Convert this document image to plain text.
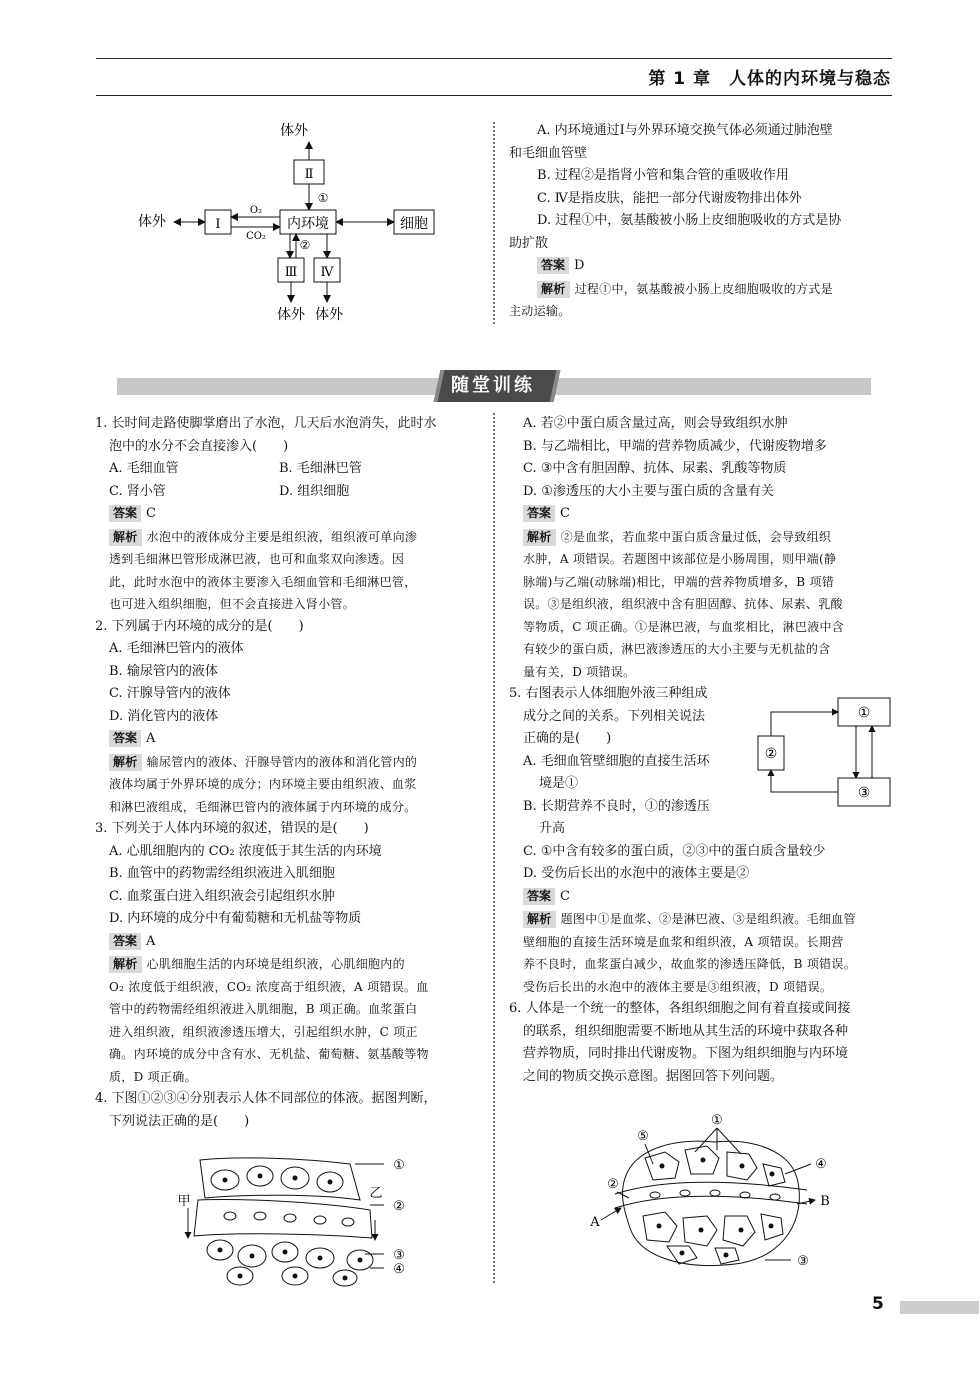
第 1 章　人体的内环境与稳态
体外
Ⅱ
①
体外	Ⅰ
O₂
CO₂
内环境	细胞
②
Ⅲ Ⅳ
体外 体外

A. 内环境通过Ⅰ与外界环境交换气体必须通过肺泡壁

和毛细血管壁

B. 过程②是指肾小管和集合管的重吸收作用

C. Ⅳ是指皮肤，能把一部分代谢废物排出体外

D. 过程①中，氨基酸被小肠上皮细胞吸收的方式是协

助扩散

答案 D

解析 过程①中，氨基酸被小肠上皮细胞吸收的方式是

主动运输。

随堂训练

1. 长时间走路使脚掌磨出了水泡，几天后水泡消失，此时水

泡中的水分不会直接渗入(　　)

A. 毛细血管	B. 毛细淋巴管

C. 肾小管	D. 组织细胞

答案 C

解析 水泡中的液体成分主要是组织液，组织液可单向渗

透到毛细淋巴管形成淋巴液，也可和血浆双向渗透。因

此，此时水泡中的液体主要渗入毛细血管和毛细淋巴管，

也可进入组织细胞，但不会直接进入肾小管。

2. 下列属于内环境的成分的是(　　)

A. 毛细淋巴管内的液体

B. 输尿管内的液体

C. 汗腺导管内的液体

D. 消化管内的液体

答案 A

解析 输尿管内的液体、汗腺导管内的液体和消化管内的

液体均属于外界环境的成分；内环境主要由组织液、血浆

和淋巴液组成，毛细淋巴管内的液体属于内环境的成分。

3. 下列关于人体内环境的叙述，错误的是(　　)

A. 心肌细胞内的 CO₂ 浓度低于其生活的内环境

B. 血管中的药物需经组织液进入肌细胞

C. 血浆蛋白进入组织液会引起组织水肿

D. 内环境的成分中有葡萄糖和无机盐等物质

答案 A

解析 心肌细胞生活的内环境是组织液，心肌细胞内的

O₂ 浓度低于组织液，CO₂ 浓度高于组织液，A 项错误。血

管中的药物需经组织液进入肌细胞，B 项正确。血浆蛋白

进入组织液，组织液渗透压增大，引起组织水肿，C 项正

确。内环境的成分中含有水、无机盐、葡萄糖、氨基酸等物

质，D 项正确。

4. 下图①②③④分别表示人体不同部位的体液。据图判断，

下列说法正确的是(　　)

甲
乙
①
②
③
④

A. 若②中蛋白质含量过高，则会导致组织水肿

B. 与乙端相比，甲端的营养物质减少，代谢废物增多

C. ③中含有胆固醇、抗体、尿素、乳酸等物质

D. ①渗透压的大小主要与蛋白质的含量有关

答案 C

解析 ②是血浆，若血浆中蛋白质含量过低，会导致组织

水肿，A 项错误。若题图中该部位是小肠周围，则甲端(静

脉端)与乙端(动脉端)相比，甲端的营养物质增多，B 项错

误。③是组织液，组织液中含有胆固醇、抗体、尿素、乳酸

等物质，C 项正确。①是淋巴液，与血浆相比，淋巴液中含

有较少的蛋白质，淋巴液渗透压的大小主要与无机盐的含

量有关，D 项错误。

5. 右图表示人体细胞外液三种组成

成分之间的关系。下列相关说法

正确的是(　　)

A. 毛细血管壁细胞的直接生活环

境是①

B. 长期营养不良时，①的渗透压

升高

C. ①中含有较多的蛋白质，②③中的蛋白质含量较少

D. 受伤后长出的水泡中的液体主要是②

答案 C

解析 题图中①是血浆、②是淋巴液、③是组织液。毛细血管

壁细胞的直接生活环境是血浆和组织液，A 项错误。长期营

养不良时，血浆蛋白减少，故血浆的渗透压降低，B 项错误。

受伤后长出的水泡中的液体主要是③组织液，D 项错误。

6. 人体是一个统一的整体，各组织细胞之间有着直接或间接

的联系，组织细胞需要不断地从其生活的环境中获取各种

营养物质，同时排出代谢废物。下图为组织细胞与内环境

之间的物质交换示意图。据图回答下列问题。

①
②
③
①
⑤
④
②
A
B
③
5
